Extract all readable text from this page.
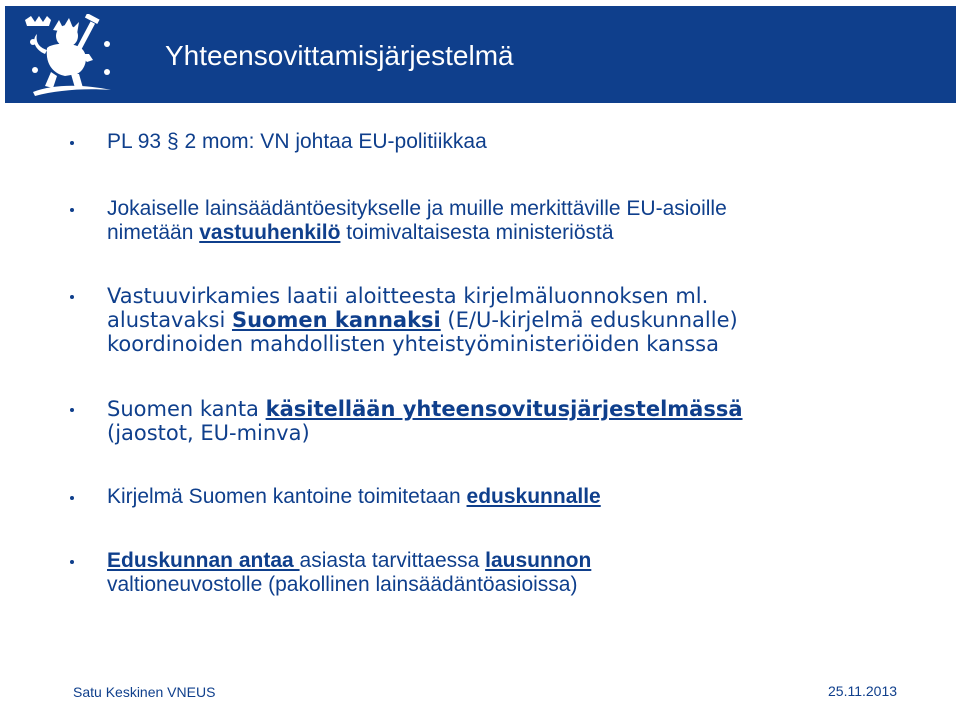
Yhteensovittamisjärjestelmä
PL 93 § 2 mom: VN johtaa EU-politiikkaa
Jokaiselle lainsäädäntöesitykselle ja muille merkittäville EU-asioille nimetään vastuuhenkilö toimivaltaisesta ministeriöstä
Vastuuvirkamies laatii aloitteesta kirjelmäluonnoksen ml. alustavaksi Suomen kannaksi (E/U-kirjelmä eduskunnalle) koordinoiden mahdollisten yhteistyöministeriöiden kanssa
Suomen kanta käsitellään yhteensovitusjärjestelmässä (jaostot, EU-minva)
Kirjelmä Suomen kantoine toimitetaan eduskunnalle
Eduskunnan antaa asiasta tarvittaessa lausunnon valtioneuvostolle (pakollinen lainsäädäntöasioissa)
Satu Keskinen VNEUS	25.11.2013
